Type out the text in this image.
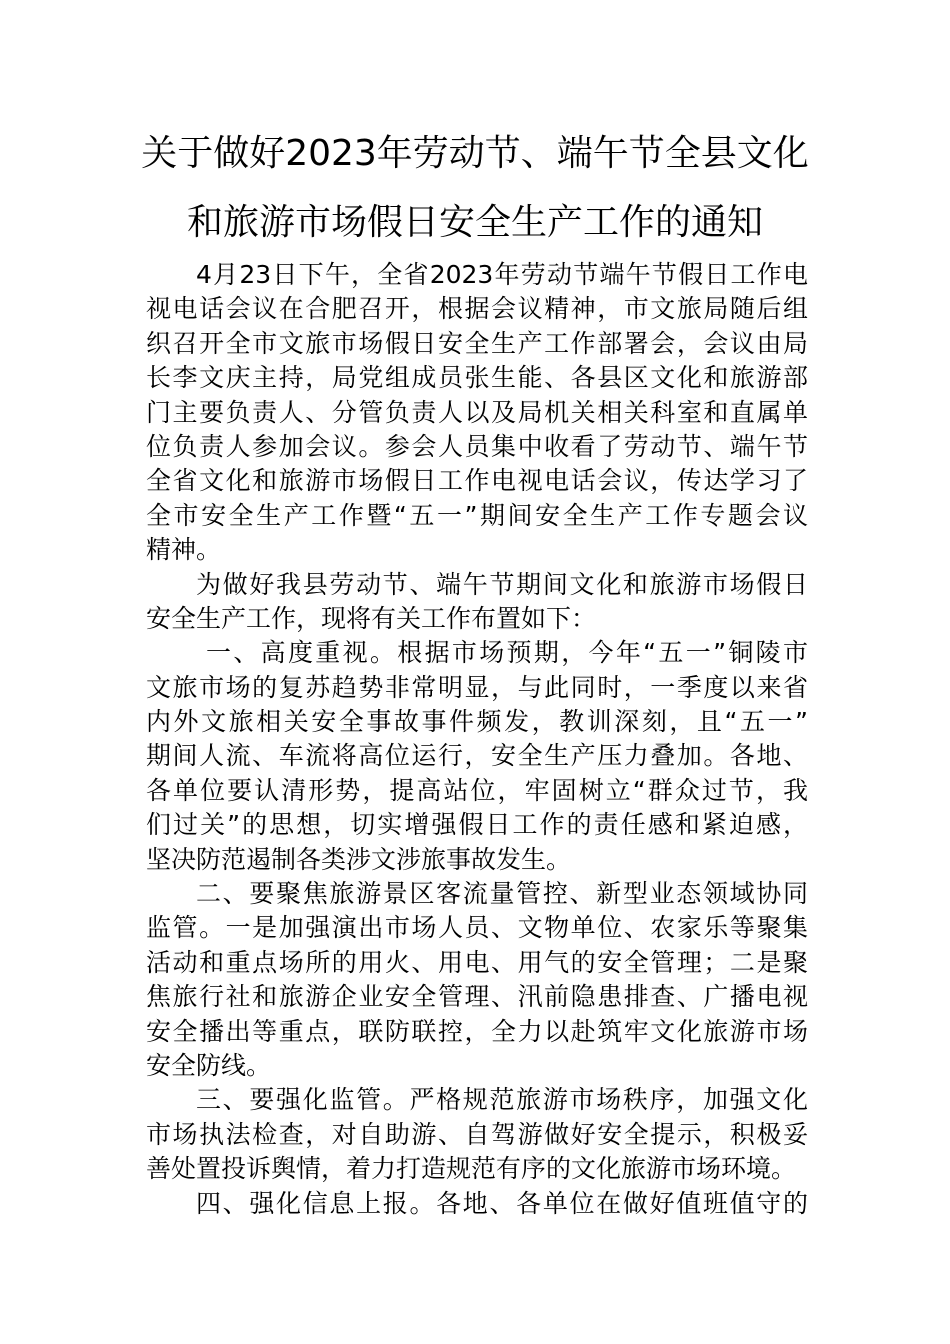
关于做好2023年劳动节、端午节全县文化
和旅游市场假日安全生产工作的通知
4月23日下午，全省2023年劳动节端午节假日工作电
视电话会议在合肥召开，根据会议精神，市文旅局随后组
织召开全市文旅市场假日安全生产工作部署会，会议由局
长李文庆主持，局党组成员张生能、各县区文化和旅游部
门主要负责人、分管负责人以及局机关相关科室和直属单
位负责人参加会议。参会人员集中收看了劳动节、端午节
全省文化和旅游市场假日工作电视电话会议，传达学习了
全市安全生产工作暨“五一”期间安全生产工作专题会议
精神。
为做好我县劳动节、端午节期间文化和旅游市场假日
安全生产工作，现将有关工作布置如下：
一、高度重视。根据市场预期，今年“五一”铜陵市
文旅市场的复苏趋势非常明显，与此同时，一季度以来省
内外文旅相关安全事故事件频发，教训深刻，且“五一”
期间人流、车流将高位运行，安全生产压力叠加。各地、
各单位要认清形势，提高站位，牢固树立“群众过节，我
们过关”的思想，切实增强假日工作的责任感和紧迫感，
坚决防范遏制各类涉文涉旅事故发生。
二、要聚焦旅游景区客流量管控、新型业态领域协同
监管。一是加强演出市场人员、文物单位、农家乐等聚集
活动和重点场所的用火、用电、用气的安全管理；二是聚
焦旅行社和旅游企业安全管理、汛前隐患排查、广播电视
安全播出等重点，联防联控，全力以赴筑牢文化旅游市场
安全防线。
三、要强化监管。严格规范旅游市场秩序，加强文化
市场执法检查，对自助游、自驾游做好安全提示，积极妥
善处置投诉舆情，着力打造规范有序的文化旅游市场环境。
四、强化信息上报。各地、各单位在做好值班值守的
